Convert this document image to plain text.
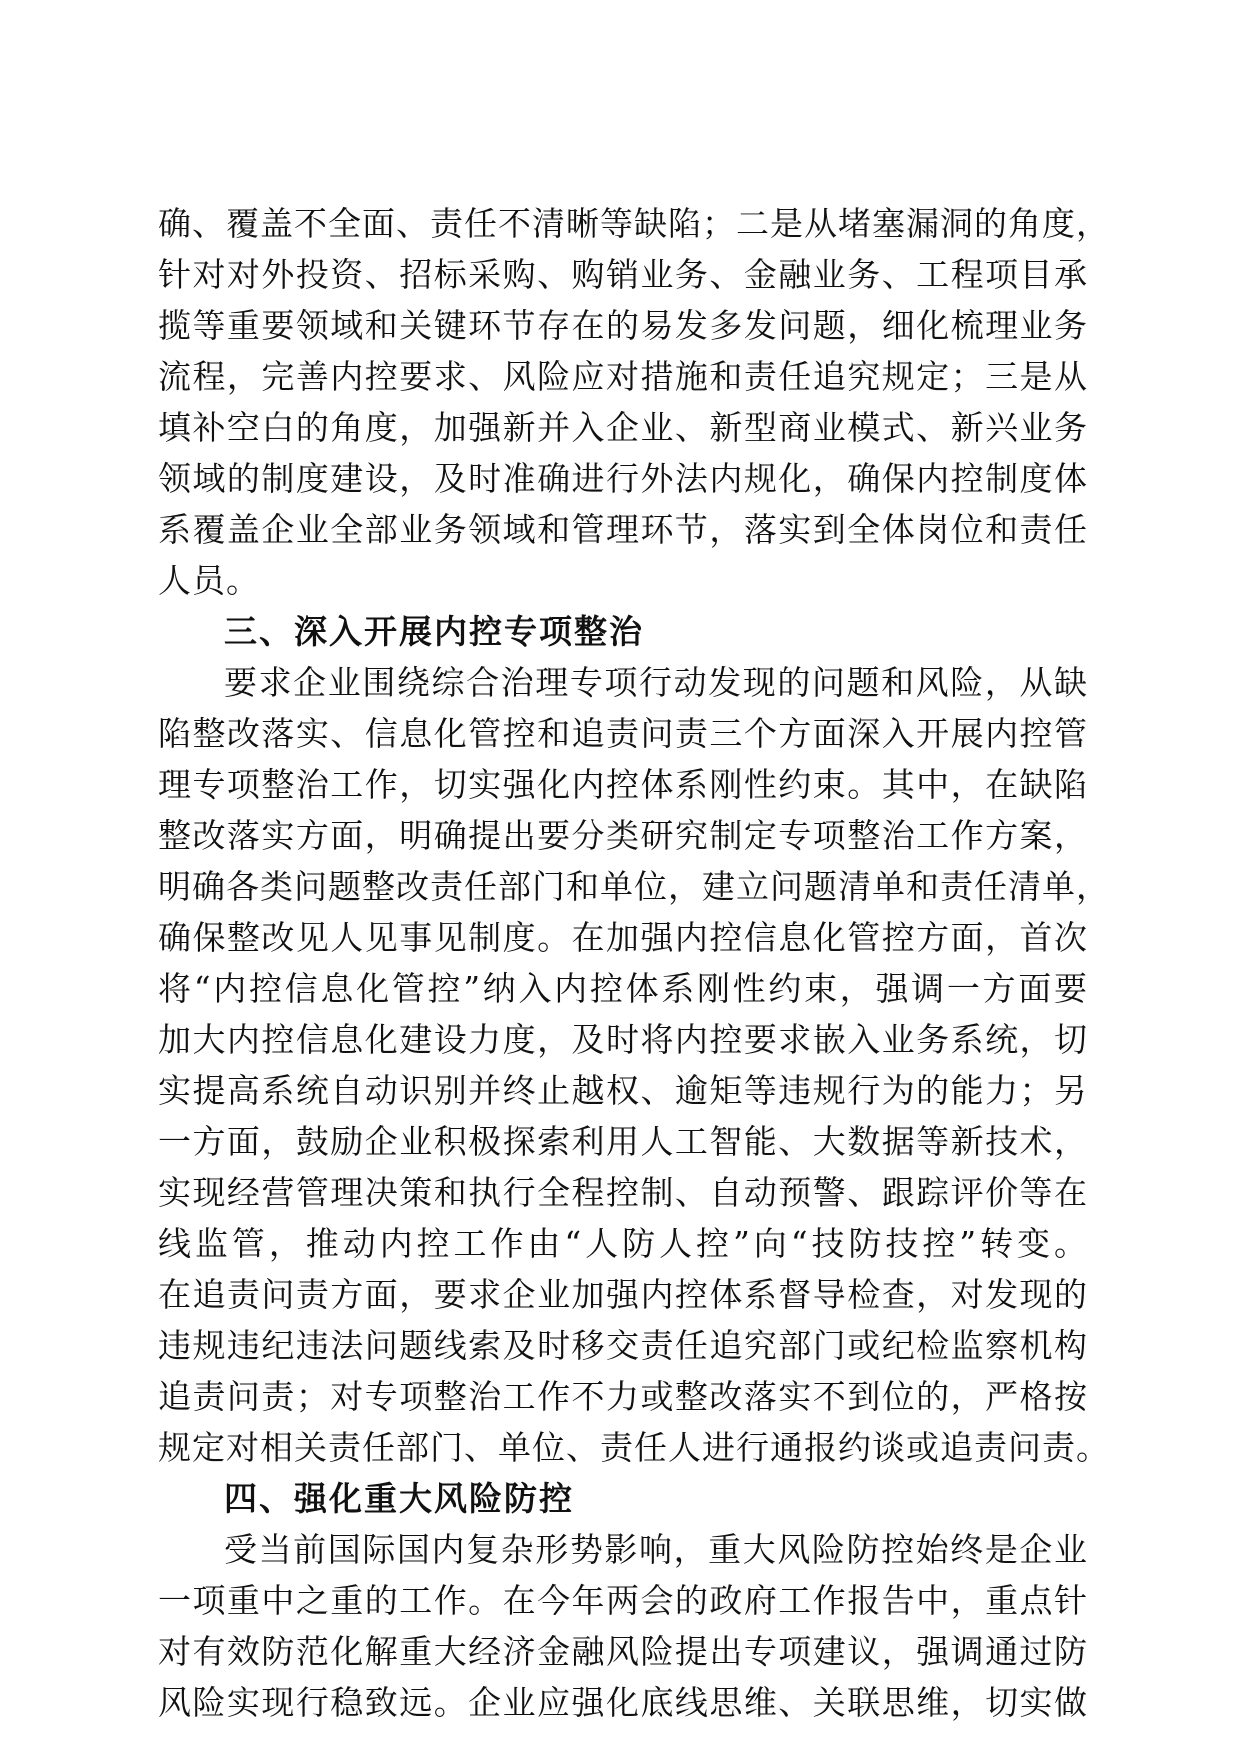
确、覆盖不全面、责任不清晰等缺陷；二是从堵塞漏洞的角度，
针对对外投资、招标采购、购销业务、金融业务、工程项目承
揽等重要领域和关键环节存在的易发多发问题，细化梳理业务
流程，完善内控要求、风险应对措施和责任追究规定；三是从
填补空白的角度，加强新并入企业、新型商业模式、新兴业务
领域的制度建设，及时准确进行外法内规化，确保内控制度体
系覆盖企业全部业务领域和管理环节，落实到全体岗位和责任
人员。
三、深入开展内控专项整治
要求企业围绕综合治理专项行动发现的问题和风险，从缺
陷整改落实、信息化管控和追责问责三个方面深入开展内控管
理专项整治工作，切实强化内控体系刚性约束。其中，在缺陷
整改落实方面，明确提出要分类研究制定专项整治工作方案，
明确各类问题整改责任部门和单位，建立问题清单和责任清单，
确保整改见人见事见制度。在加强内控信息化管控方面，首次
将“内控信息化管控”纳入内控体系刚性约束，强调一方面要
加大内控信息化建设力度，及时将内控要求嵌入业务系统，切
实提高系统自动识别并终止越权、逾矩等违规行为的能力；另
一方面，鼓励企业积极探索利用人工智能、大数据等新技术，
实现经营管理决策和执行全程控制、自动预警、跟踪评价等在
线监管，推动内控工作由“人防人控”向“技防技控”转变。
在追责问责方面，要求企业加强内控体系督导检查，对发现的
违规违纪违法问题线索及时移交责任追究部门或纪检监察机构
追责问责；对专项整治工作不力或整改落实不到位的，严格按
规定对相关责任部门、单位、责任人进行通报约谈或追责问责。
四、强化重大风险防控
受当前国际国内复杂形势影响，重大风险防控始终是企业
一项重中之重的工作。在今年两会的政府工作报告中，重点针
对有效防范化解重大经济金融风险提出专项建议，强调通过防
风险实现行稳致远。企业应强化底线思维、关联思维，切实做
